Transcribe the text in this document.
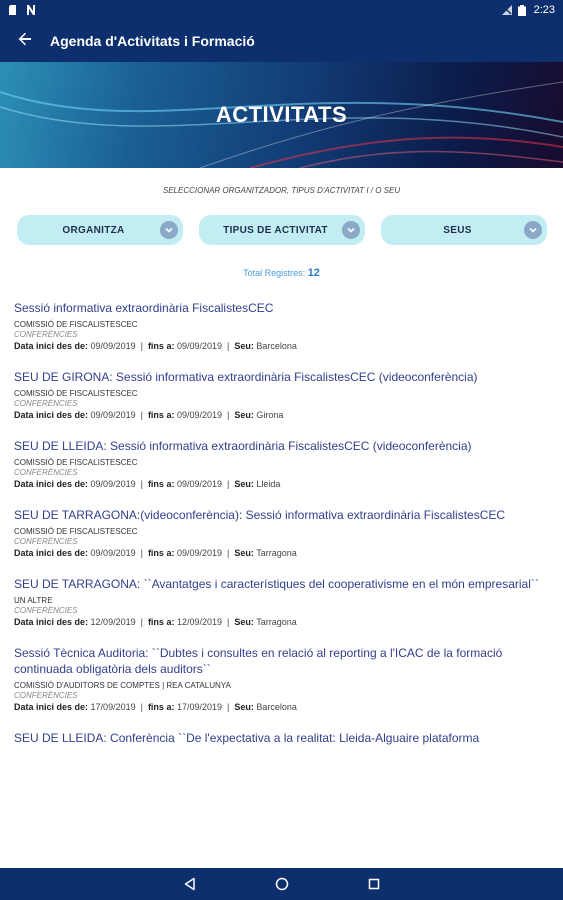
2:23
Agenda d'Activitats i Formació
ACTIVITATS
SELECCIONAR ORGANITZADOR, TIPUS D'ACTIVITAT I / O SEU
ORGANITZA	TIPUS DE ACTIVITAT	SEUS
Total Registres: 12
Sessió informativa extraordinària FiscalistesCEC
COMISSIÓ DE FISCALISTESCEC
CONFERÈNCIES
Data inici des de: 09/09/2019  |  fins a: 09/09/2019  |  Seu: Barcelona
SEU DE GIRONA: Sessió informativa extraordinària FiscalistesCEC (videoconferència)
COMISSIÓ DE FISCALISTESCEC
CONFERÈNCIES
Data inici des de: 09/09/2019  |  fins a: 09/09/2019  |  Seu: Girona
SEU DE LLEIDA: Sessió informativa extraordinària FiscalistesCEC (videoconferència)
COMISSIÓ DE FISCALISTESCEC
CONFERÈNCIES
Data inici des de: 09/09/2019  |  fins a: 09/09/2019  |  Seu: Lleida
SEU DE TARRAGONA:(videoconferència): Sessió informativa extraordinària FiscalistesCEC
COMISSIÓ DE FISCALISTESCEC
CONFERÈNCIES
Data inici des de: 09/09/2019  |  fins a: 09/09/2019  |  Seu: Tarragona
SEU DE TARRAGONA: ``Avantatges i característiques del cooperativisme en el món empresarial``
UN ALTRE
CONFERÈNCIES
Data inici des de: 12/09/2019  |  fins a: 12/09/2019  |  Seu: Tarragona
Sessió Tècnica Auditoria: ``Dubtes i consultes en relació al reporting a l'ICAC de la formació continuada obligatòria dels auditors``
COMISSIÓ D'AUDITORS DE COMPTES | REA CATALUNYA
CONFERÈNCIES
Data inici des de: 17/09/2019  |  fins a: 17/09/2019  |  Seu: Barcelona
SEU DE LLEIDA: Conferència ``De l'expectativa a la realitat: Lleida-Alguaire plataforma
